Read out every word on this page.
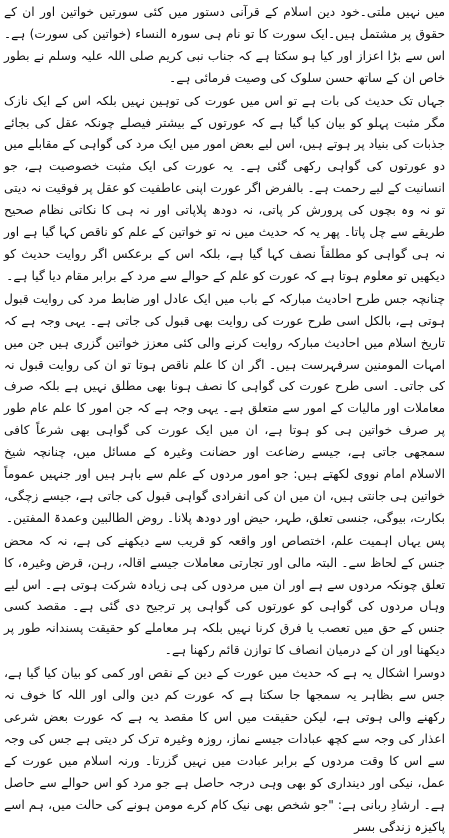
میں نہیں ملتی۔خود دین اسلام کے قرآنی دستور میں کئی سورتیں خواتین اور ان کے حقوق پر مشتمل ہیں۔ایک سورت کا تو نام ہی سورہ النساء (خواتین کی سورت) ہے۔ اس سے بڑا اعزاز اور کیا ہو سکتا ہے کہ جناب نبی کریم صلی اللہ علیہ وسلم نے بطور خاص ان کے ساتھ حسن سلوک کی وصیت فرمائی ہے۔

جہاں تک حدیث کی بات ہے تو اس میں عورت کی توہین نہیں بلکہ اس کے ایک نازک مگر مثبت پہلو کو بیان کیا گیا ہے کہ عورتوں کے بیشتر فیصلے چونکہ عقل کی بجائے جذبات کی بنیاد پر ہوتے ہیں، اس لیے بعض امور میں ایک مرد کی گواہی کے مقابلے میں دو عورتوں کی گواہی رکھی گئی ہے۔ یہ عورت کی ایک مثبت خصوصیت ہے، جو انسانیت کے لیے رحمت ہے۔ بالفرض اگر عورت اپنی عاطفیت کو عقل پر فوقیت نہ دیتی تو نہ وہ بچوں کی پرورش کر پاتی، نہ دودھ پلاپاتی اور نہ ہی کا نکاتی نظام صحیح طریقے سے چل پاتا۔ پھر یہ کہ حدیث میں نہ تو خواتین کے علم کو ناقص کہا گیا ہے اور نہ ہی گواہی کو مطلقاً نصف کہا گیا ہے، بلکہ اس کے برعکس اگر روایت حدیث کو دیکھیں تو معلوم ہوتا ہے کہ عورت کو علم کے حوالے سے مرد کے برابر مقام دیا گیا ہے۔

چنانچہ جس طرح احادیث مبارکہ کے باب میں ایک عادل اور ضابط مرد کی روایت قبول ہوتی ہے، بالکل اسی طرح عورت کی روایت بھی قبول کی جاتی ہے۔ یہی وجہ ہے کہ تاریخ اسلام میں احادیث مبارکہ روایت کرنے والی کئی معزز خواتین گزری ہیں جن میں امہات المومنین سرفہرست ہیں۔ اگر ان کا علم ناقص ہوتا تو ان کی روایت قبول نہ کی جاتی۔ اسی طرح عورت کی گواہی کا نصف ہونا بھی مطلق نہیں ہے بلکہ صرف معاملات اور مالیات کے امور سے متعلق ہے۔ یہی وجہ ہے کہ جن امور کا علم عام طور پر صرف خواتین ہی کو ہوتا ہے، ان میں ایک عورت کی گواہی بھی شرعاً کافی سمجھی جاتی ہے، جیسے رضاعت اور حضانت وغیرہ کے مسائل میں، چنانچہ شیخ الاسلام امام نووی لکھتے ہیں: جو امور مردوں کے علم سے باہر ہیں اور جنہیں عموماً خواتین ہی جانتی ہیں، ان میں ان کی انفرادی گواہی قبول کی جاتی ہے، جیسے زچگی، بکارت، بیوگی، جنسی تعلق، طہر، حیض اور دودھ پلانا۔ روض الطالبین وعمدۃ المفتین۔

پس یہاں اہمیت علم، اختصاص اور واقعہ کو قریب سے دیکھنے کی ہے، نہ کہ محض جنس کے لحاظ سے۔ البتہ مالی اور تجارتی معاملات جیسے اقالہ، رہن، قرض وغیرہ، کا تعلق چونکہ مردوں سے ہے اور ان میں مردوں کی ہی زیادہ شرکت ہوتی ہے۔ اس لیے وہاں مردوں کی گواہی کو عورتوں کی گواہی پر ترجیح دی گئی ہے۔ مقصد کسی جنس کے حق میں تعصب یا فرق کرنا نہیں بلکہ ہر معاملے کو حقیقت پسندانہ طور پر دیکھنا اور ان کے درمیان انصاف کا توازن قائم رکھنا ہے۔

دوسرا اشکال یہ ہے کہ حدیث میں عورت کے دین کے نقص اور کمی کو بیان کیا گیا ہے، جس سے بظاہر یہ سمجھا جا سکتا ہے کہ عورت کم دین والی اور اللہ کا خوف نہ رکھنے والی ہوتی ہے، لیکن حقیقت میں اس کا مقصد یہ ہے کہ عورت بعض شرعی اعذار کی وجہ سے کچھ عبادات جیسے نماز، روزہ وغیرہ ترک کر دیتی ہے جس کی وجہ سے اس کا وقت مردوں کے برابر عبادت میں نہیں گزرتا۔ ورنہ اسلام میں عورت کے عمل، نیکی اور دینداری کو بھی وہی درجہ حاصل ہے جو مرد کو اس حوالے سے حاصل ہے۔ ارشادِ ربانی ہے: "جو شخص بھی نیک کام کرے مومن ہونے کی حالت میں، ہم اسے پاکیزہ زندگی بسر
